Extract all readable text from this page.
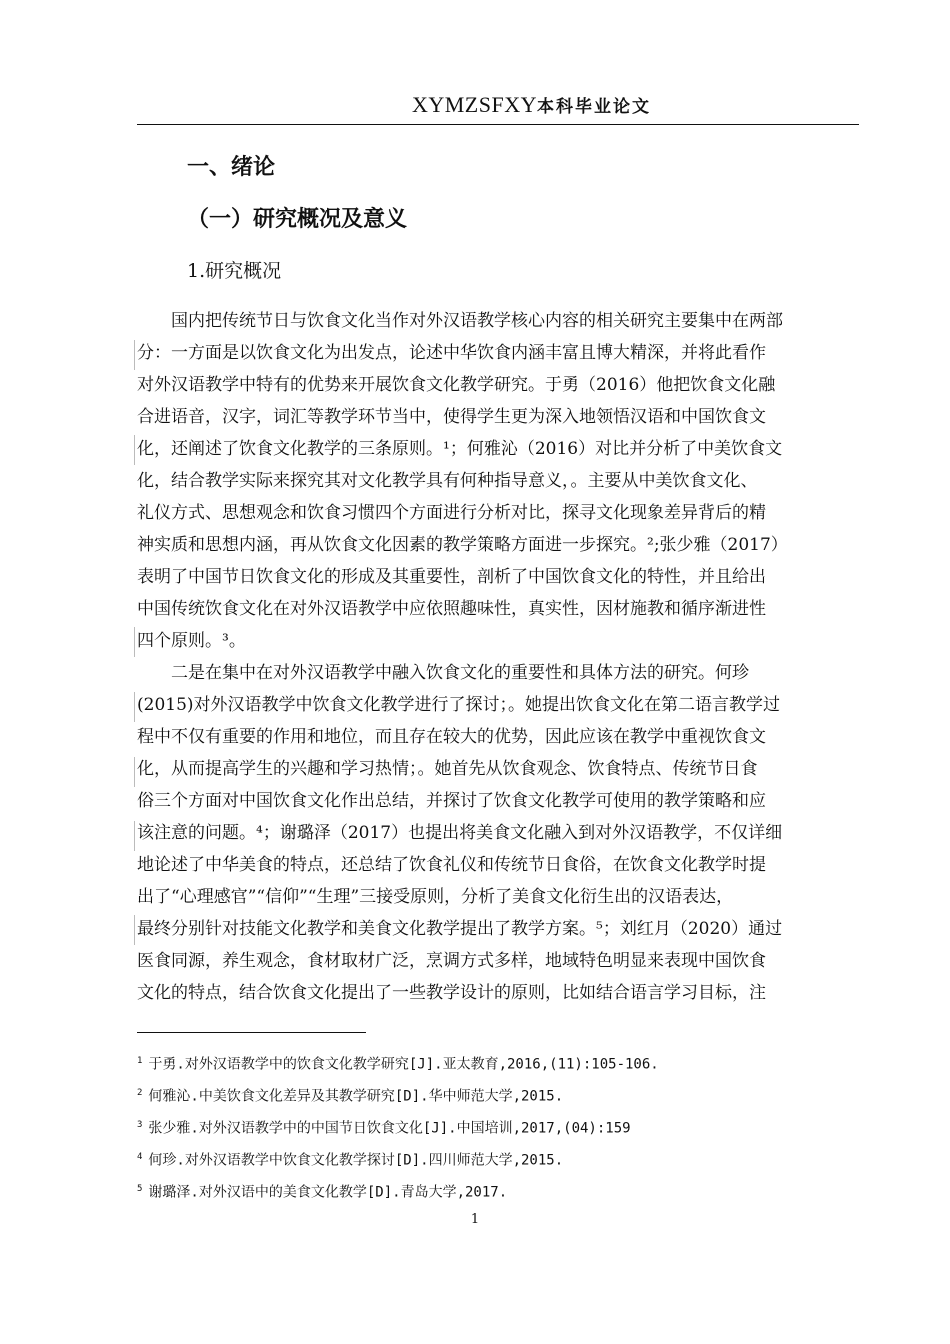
XYMZSFXY本科毕业论文
一、绪论
（一）研究概况及意义
1.研究概况
国内把传统节日与饮食文化当作对外汉语教学核心内容的相关研究主要集中在两部
分：一方面是以饮食文化为出发点，论述中华饮食内涵丰富且博大精深，并将此看作
对外汉语教学中特有的优势来开展饮食文化教学研究。于勇（2016）他把饮食文化融
合进语音，汉字，词汇等教学环节当中，使得学生更为深入地领悟汉语和中国饮食文
化，还阐述了饮食文化教学的三条原则。¹；何雅沁（2016）对比并分析了中美饮食文
化，结合教学实际来探究其对文化教学具有何种指导意义，。主要从中美饮食文化、
礼仪方式、思想观念和饮食习惯四个方面进行分析对比，探寻文化现象差异背后的精
神实质和思想内涵，再从饮食文化因素的教学策略方面进一步探究。²;张少雅（2017）
表明了中国节日饮食文化的形成及其重要性，剖析了中国饮食文化的特性，并且给出
中国传统饮食文化在对外汉语教学中应依照趣味性，真实性，因材施教和循序渐进性
四个原则。³。
二是在集中在对外汉语教学中融入饮食文化的重要性和具体方法的研究。何珍
(2015)对外汉语教学中饮食文化教学进行了探讨；。她提出饮食文化在第二语言教学过
程中不仅有重要的作用和地位，而且存在较大的优势，因此应该在教学中重视饮食文
化，从而提高学生的兴趣和学习热情；。她首先从饮食观念、饮食特点、传统节日食
俗三个方面对中国饮食文化作出总结，并探讨了饮食文化教学可使用的教学策略和应
该注意的问题。⁴；谢璐泽（2017）也提出将美食文化融入到对外汉语教学，不仅详细
地论述了中华美食的特点，还总结了饮食礼仪和传统节日食俗，在饮食文化教学时提
出了“心理感官”“信仰”“生理”三接受原则，分析了美食文化衍生出的汉语表达，
最终分别针对技能文化教学和美食文化教学提出了教学方案。⁵；刘红月（2020）通过
医食同源，养生观念，食材取材广泛，烹调方式多样，地域特色明显来表现中国饮食
文化的特点，结合饮食文化提出了一些教学设计的原则，比如结合语言学习目标，注
$^1$ 于勇.对外汉语教学中的饮食文化教学研究[J].亚太教育,2016,(11):105-106.
$^2$ 何雅沁.中美饮食文化差异及其教学研究[D].华中师范大学,2015.
$^3$ 张少雅.对外汉语教学中的中国节日饮食文化[J].中国培训,2017,(04):159
$^4$ 何珍.对外汉语教学中饮食文化教学探讨[D].四川师范大学,2015.
$^5$ 谢璐泽.对外汉语中的美食文化教学[D].青岛大学,2017.
1
